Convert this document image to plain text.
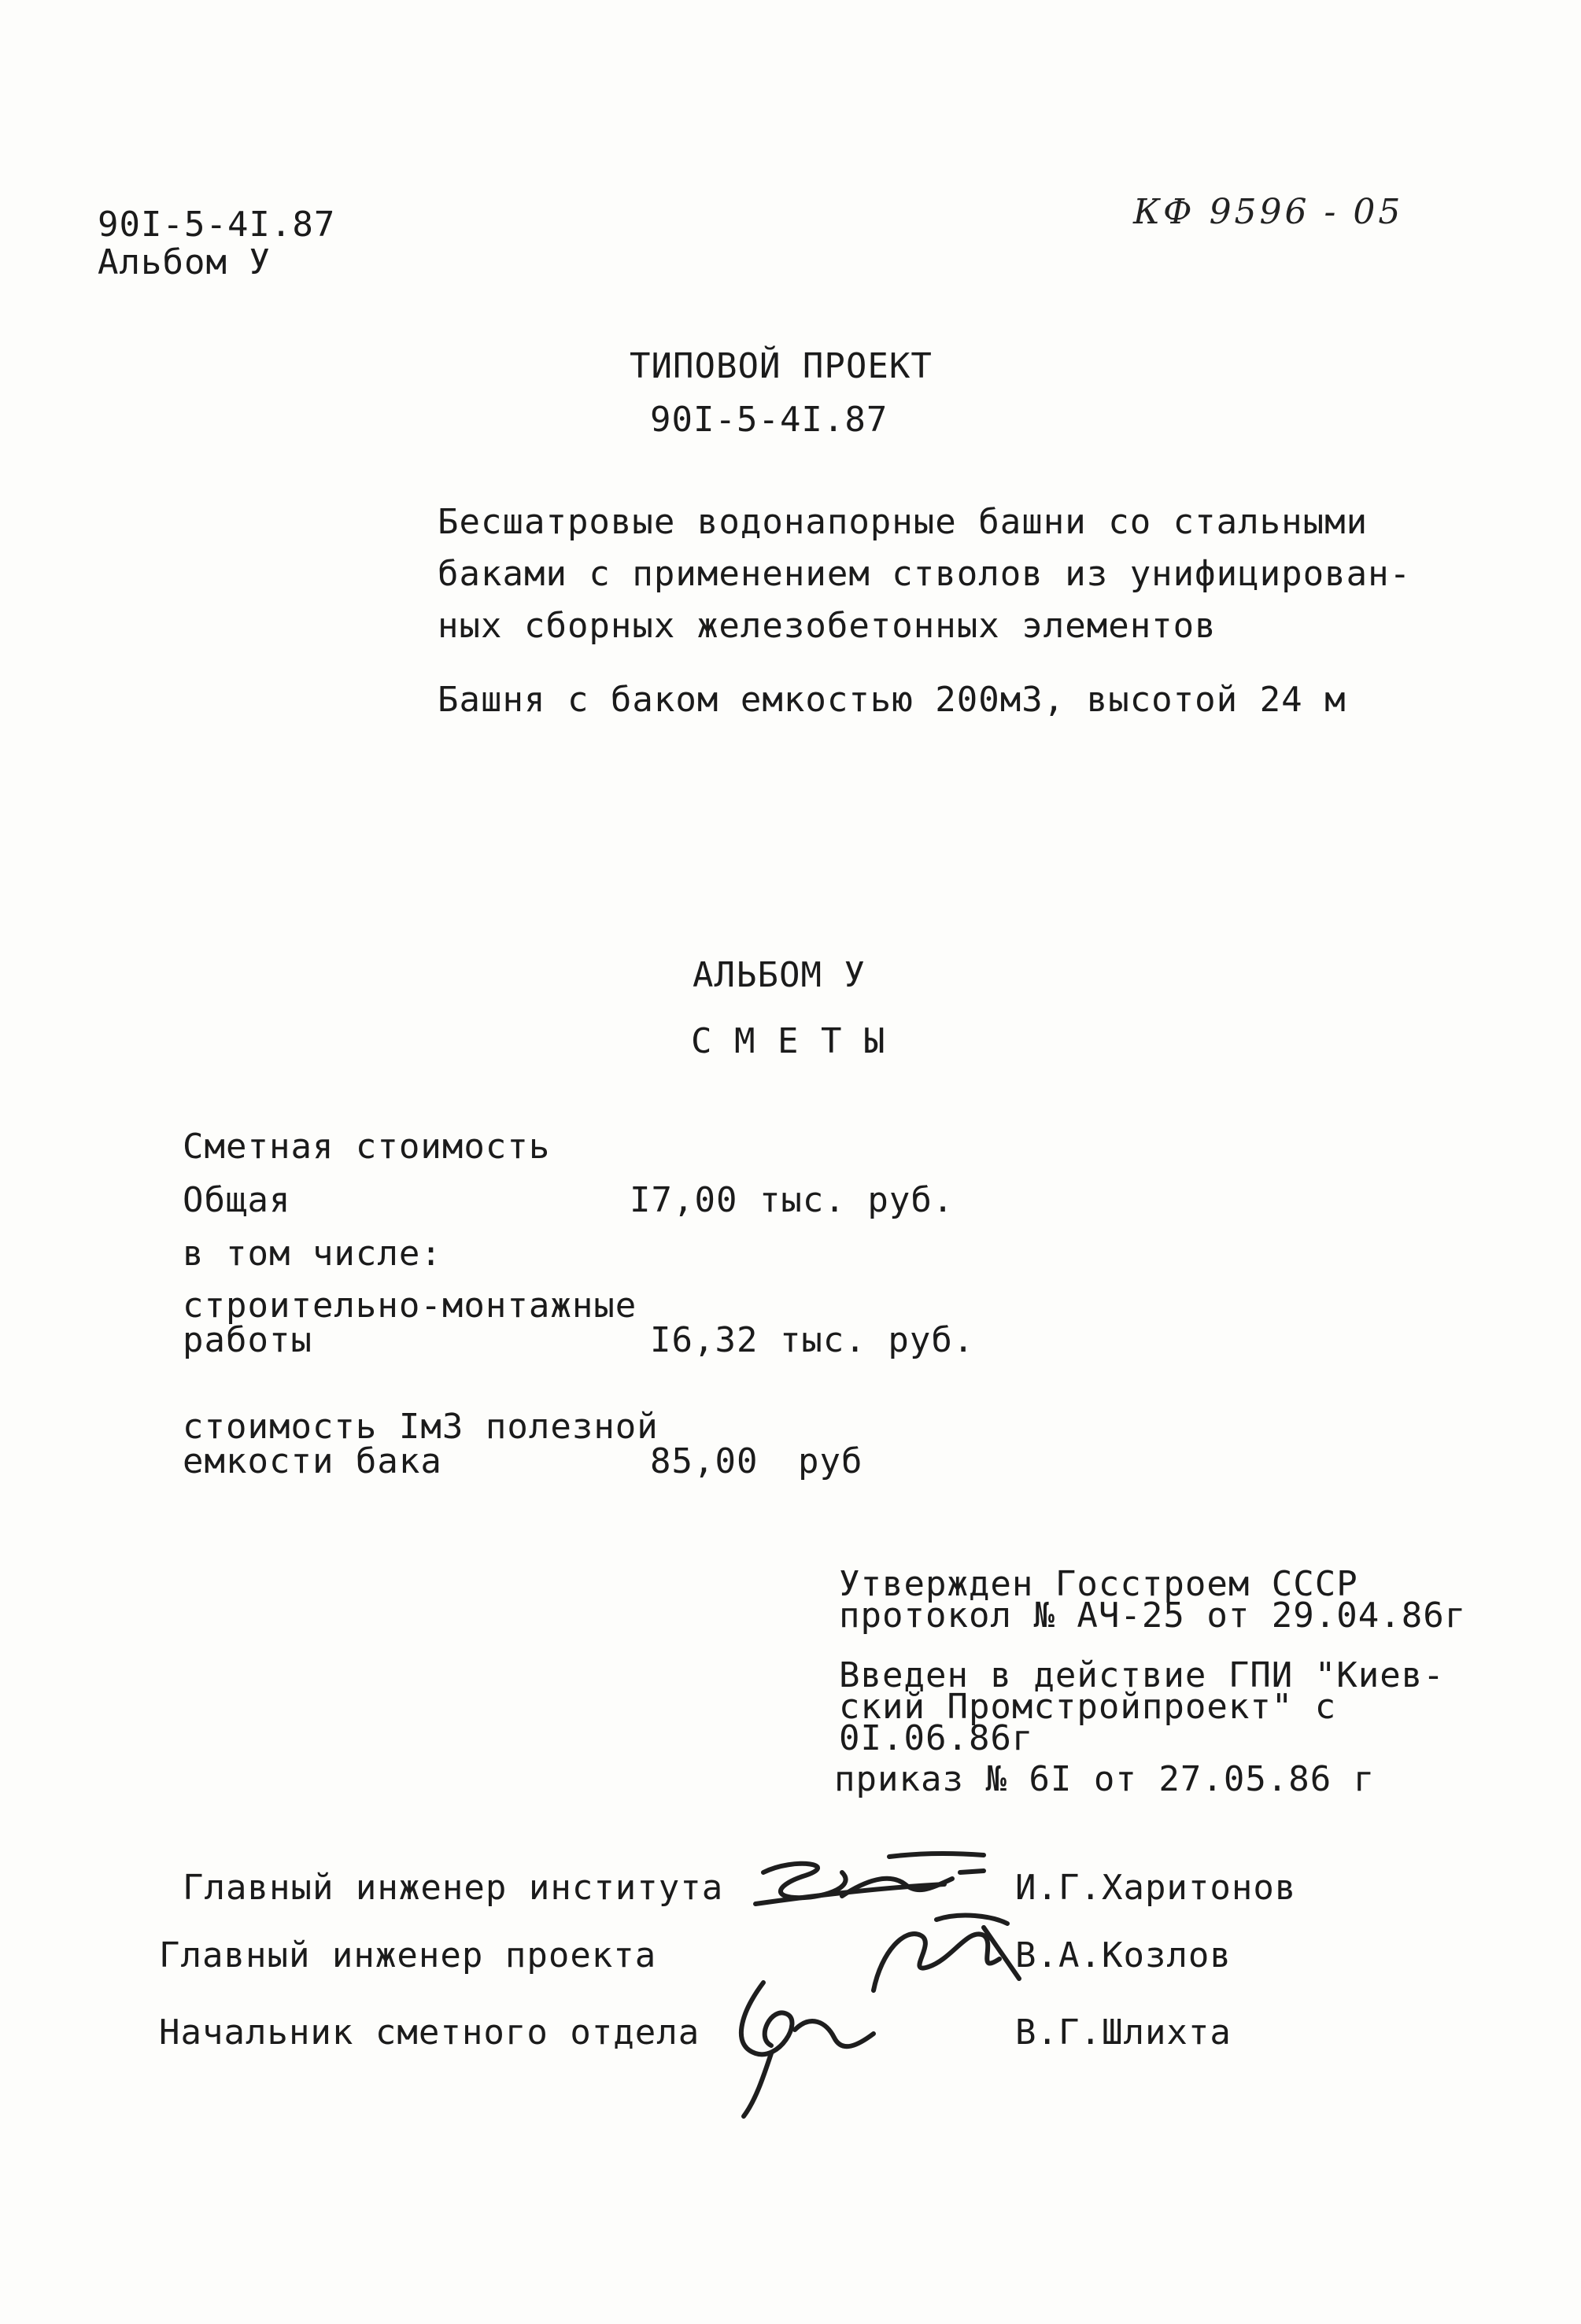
90I-5-4I.87
Альбом У
КФ 9596 - 05
ТИПОВОЙ ПРОЕКТ
90I-5-4I.87
Бесшатровые водонапорные башни со стальными
баками с применением стволов из унифицирован-
ных сборных железобетонных элементов
Башня с баком емкостью 200м3, высотой 24 м
АЛЬБОМ У
С М Е Т Ы
Сметная стоимость
Общая	I7,00 тыс. руб.
в том числе:
строительно-монтажные
работы	I6,32 тыс. руб.
стоимость Iм3 полезной
емкости бака	85,00 руб
Утвержден Госстроем СССР
протокол № АЧ-25 от 29.04.86г
Введен в действие ГПИ "Киев-
ский Промстройпроект" с
0I.06.86г
приказ № 6I от 27.05.86 г
Главный инженер института	И.Г.Харитонов
Главный инженер проекта	В.А.Козлов
Начальник сметного отдела	В.Г.Шлихта
